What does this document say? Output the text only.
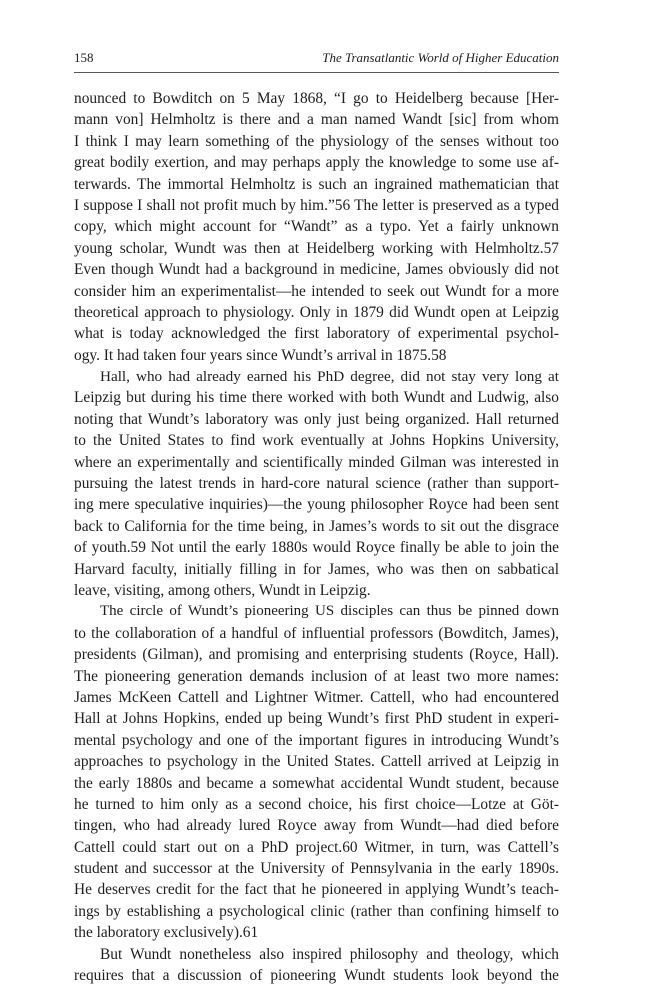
158	The Transatlantic World of Higher Education
nounced to Bowditch on 5 May 1868, “I go to Heidelberg because [Her-
mann von] Helmholtz is there and a man named Wandt [sic] from whom
I think I may learn something of the physiology of the senses without too
great bodily exertion, and may perhaps apply the knowledge to some use af-
terwards. The immortal Helmholtz is such an ingrained mathematician that
I suppose I shall not profit much by him.”56 The letter is preserved as a typed
copy, which might account for “Wandt” as a typo. Yet a fairly unknown
young scholar, Wundt was then at Heidelberg working with Helmholtz.57
Even though Wundt had a background in medicine, James obviously did not
consider him an experimentalist—he intended to seek out Wundt for a more
theoretical approach to physiology. Only in 1879 did Wundt open at Leipzig
what is today acknowledged the first laboratory of experimental psychol-
ogy. It had taken four years since Wundt’s arrival in 1875.58
Hall, who had already earned his PhD degree, did not stay very long at
Leipzig but during his time there worked with both Wundt and Ludwig, also
noting that Wundt’s laboratory was only just being organized. Hall returned
to the United States to find work eventually at Johns Hopkins University,
where an experimentally and scientifically minded Gilman was interested in
pursuing the latest trends in hard-core natural science (rather than support-
ing mere speculative inquiries)—the young philosopher Royce had been sent
back to California for the time being, in James’s words to sit out the disgrace
of youth.59 Not until the early 1880s would Royce finally be able to join the
Harvard faculty, initially filling in for James, who was then on sabbatical
leave, visiting, among others, Wundt in Leipzig.
The circle of Wundt’s pioneering US disciples can thus be pinned down
to the collaboration of a handful of influential professors (Bowditch, James),
presidents (Gilman), and promising and enterprising students (Royce, Hall).
The pioneering generation demands inclusion of at least two more names:
James McKeen Cattell and Lightner Witmer. Cattell, who had encountered
Hall at Johns Hopkins, ended up being Wundt’s first PhD student in experi-
mental psychology and one of the important figures in introducing Wundt’s
approaches to psychology in the United States. Cattell arrived at Leipzig in
the early 1880s and became a somewhat accidental Wundt student, because
he turned to him only as a second choice, his first choice—Lotze at Göt-
tingen, who had already lured Royce away from Wundt—had died before
Cattell could start out on a PhD project.60 Witmer, in turn, was Cattell’s
student and successor at the University of Pennsylvania in the early 1890s.
He deserves credit for the fact that he pioneered in applying Wundt’s teach-
ings by establishing a psychological clinic (rather than confining himself to
the laboratory exclusively).61
But Wundt nonetheless also inspired philosophy and theology, which
requires that a discussion of pioneering Wundt students look beyond the
